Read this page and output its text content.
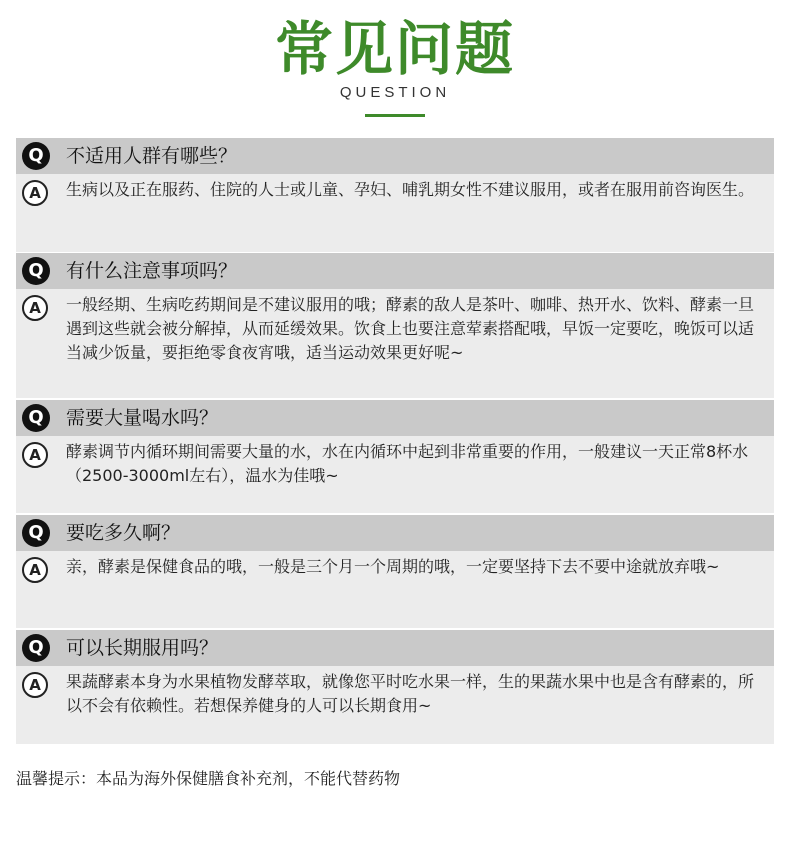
常见问题
QUESTION
Q	不适用人群有哪些？
A	生病以及正在服药、住院的人士或儿童、孕妇、哺乳期女性不建议服用，或者在服用前咨询医生。
Q	有什么注意事项吗？
A	一般经期、生病吃药期间是不建议服用的哦；酵素的敌人是茶叶、咖啡、热开水、饮料、酵素一旦遇到这些就会被分解掉，从而延缓效果。饮食上也要注意荤素搭配哦，早饭一定要吃，晚饭可以适当减少饭量，要拒绝零食夜宵哦，适当运动效果更好呢~
Q	需要大量喝水吗？
A	酵素调节内循环期间需要大量的水，水在内循环中起到非常重要的作用，一般建议一天正常8杯水（2500-3000ml左右），温水为佳哦~
Q	要吃多久啊？
A	亲，酵素是保健食品的哦，一般是三个月一个周期的哦，一定要坚持下去不要中途就放弃哦~
Q	可以长期服用吗？
A	果蔬酵素本身为水果植物发酵萃取，就像您平时吃水果一样，生的果蔬水果中也是含有酵素的，所以不会有依赖性。若想保养健身的人可以长期食用~
温馨提示：本品为海外保健膳食补充剂，不能代替药物
